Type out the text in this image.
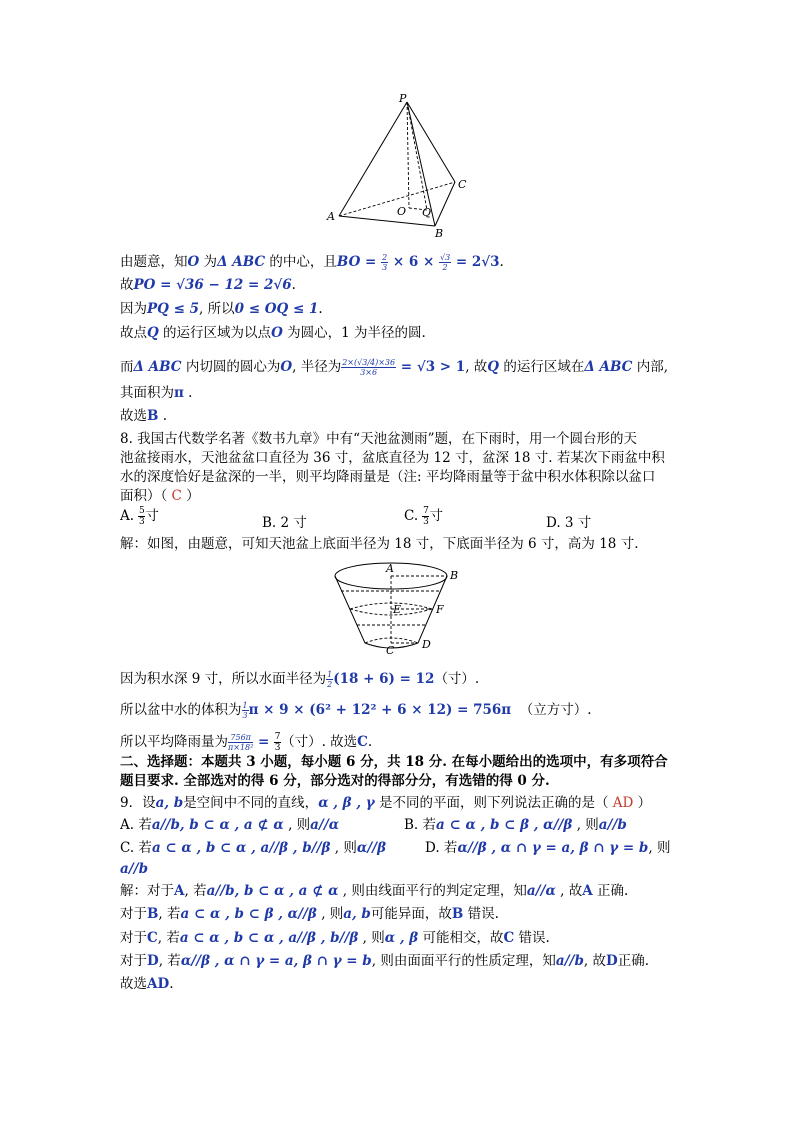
P
A
B
C
O Q
由题意，知O 为Δ ABC 的中心，且BO = $\frac{2}{3} \times 6 \times \frac{√3}{2} = 2√3$.
故PO = √36 − 12 = 2√6.
因为PQ ≤ 5, 所以0 ≤ OQ ≤ 1.
故点Q 的运行区域为以点O 为圆心，1 为半径的圆.
而Δ ABC 内切圆的圆心为O, 半径为 $\frac{2\times(√3/4)\times 36}{3\times 6} = √3 > 1$, 故Q 的运行区域在Δ ABC 内部,
其面积为π .
故选B .
8. 我国古代数学名著《数书九章》中有“天池盆测雨”题，在下雨时，用一个圆台形的天
池盆接雨水，天池盆盆口直径为 36 寸，盆底直径为 12 寸，盆深 18 寸. 若某次下雨盆中积
水的深度恰好是盆深的一半，则平均降雨量是（注: 平均降雨量等于盆中积水体积除以盆口
面积）（ C ）
A. $\frac{5}{3}$ 寸	B. 2 寸	C. $\frac{7}{3}$ 寸	D. 3 寸
解：如图，由题意，可知天池盆上底面半径为 18 寸，下底面半径为 6 寸，高为 18 寸.
A
B
E	F
C	D
因为积水深 9 寸，所以水面半径为 $\frac{1}{2} (18 + 6) = 12$（寸）.
所以盆中水的体积为 $\frac{1}{3}$ π × 9 × (6² + 12² + 6 × 12) = 756π （立方寸）.
所以平均降雨量为 $\frac{756\pi}{\text{π×18²}} = \frac{7}{3}$ （寸）. 故选C.
二、选择题：本题共 3 小题，每小题 6 分，共 18 分. 在每小题给出的选项中，有多项符合
题目要求. 全部选对的得 6 分，部分选对的得部分分，有选错的得 0 分.
9．设a, b是空间中不同的直线，α , β , γ 是不同的平面，则下列说法正确的是（ AD ）
A. 若a//b, b ⊂ α , a ⊄ α , 则a//α	B. 若a ⊂ α , b ⊂ β , α//β , 则a//b
C. 若a ⊂ α , b ⊂ α , a//β , b//β , 则α//β	D. 若α//β , α ∩ γ = a, β ∩ γ = b, 则
a//b
解：对于A, 若a//b, b ⊂ α , a ⊄ α , 则由线面平行的判定定理，知a//α , 故A 正确.
对于B, 若a ⊂ α , b ⊂ β , α//β , 则a, b可能异面，故B 错误.
对于C, 若a ⊂ α , b ⊂ α , a//β , b//β , 则α , β 可能相交，故C 错误.
对于D, 若α//β , α ∩ γ = a, β ∩ γ = b, 则由面面平行的性质定理，知a//b, 故D正确.
故选AD.
